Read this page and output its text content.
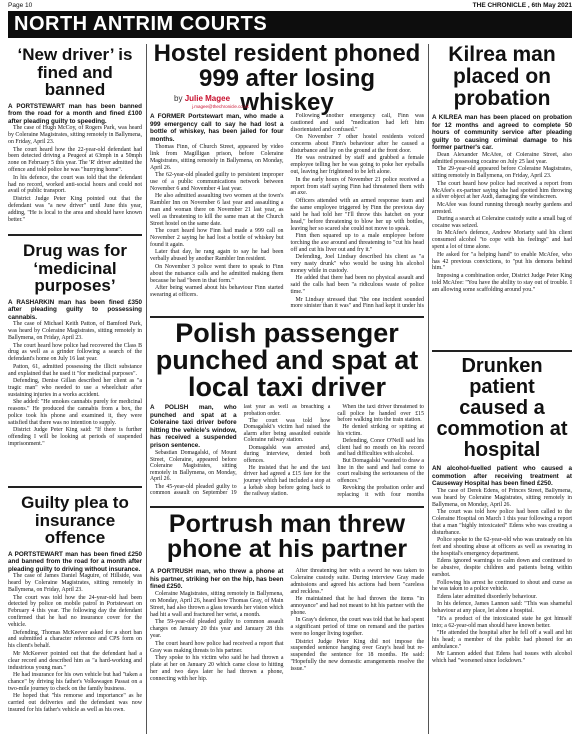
Page 10	THE CHRONICLE , 6th May 2021
NORTH ANTRIM COURTS
‘New driver’ is fined and banned
A PORTSTEWART man has been banned from the road for a month and fined £100 after pleading guilty to speeding.

The case of Hugh McCoy, of Rogers Park, was heard by Coleraine Magistrates, sitting remotely in Ballymena, on Friday, April 23.

The court heard how the 22-year-old defendant had been detected driving a Peugeot at 63mph in a 50mph zone on February 5 this year. The 'R' driver admitted the offence and told police he was "hurrying home".

In his defence, the court was told that the defendant had no record, worked anti-social hours and could not avail of public transport.

District Judge Peter King pointed out that the defendant was "a new driver" until June this year, adding, "He is local to the area and should have known better."

Drug was for ‘medicinal purposes’
A RASHARKIN man has been fined £350 after pleading guilty to possessing cannabis.

The case of Michael Keith Patton, of Bamford Park, was heard by Coleraine Magistrates, sitting remotely in Ballymena, on Friday, April 23.

The court heard how police had recovered the Class B drug as well as a grinder following a search of the defendant's home on July 16 last year.

Patton, 61, admitted possessing the illicit substance and explained that he used it "for medicinal purposes".

Defending, Denise Gillan described her client as "a tragic man" who needed to use a wheelchair after sustaining injuries in a works accident.

She added: "He smokes cannabis purely for medicinal reasons." He produced the cannabis from a box, the police took his phone and examined it, they were satisfied that there was no intention to supply.

District Judge Peter King said: "If there is further offending I will be looking at periods of suspended imprisonment."

Guilty plea to insurance offence
A PORTSTEWART man has been fined £250 and banned from the road for a month after pleading guilty to driving without insurance.

The case of James Daniel Maguire, of Hillside, was heard by Coleraine Magistrates, sitting remotely in Ballymena, on Friday, April 23.

The court was told how the 24-year-old had been detected by police on mobile patrol in Portstewart on February 4 this year. The following day the defendant confirmed that he had no insurance cover for the vehicle.

Defending, Thomas McKeever asked for a short ban and submitted a character reference and CPS form on his client's behalf.

Mr McKeever pointed out that the defendant had a clear record and described him as "a hard-working and industrious young man."

He had insurance for his own vehicle but had "taken a chance" by driving his father's Volkswagen Passat on a two-mile journey to check on the family business.

He hoped that "his remorse and importance" as he carried out deliveries and the defendant was now insured for his father's vehicle as well as his own.

Hostel resident phoned 999 after losing whiskey
by Julie Magee
j.magee@thechronicle.co.uk

A FORMER Portstewart man, who made a 999 emergency call to say he had lost a bottle of whiskey, has been jailed for four months.

Thomas Finn, of Church Street, appeared by video link from Magilligan prison, before Coleraine Magistrates, sitting remotely in Ballymena, on Monday, April 26.

The 62-year-old pleaded guilty to persistent improper use of a public communications network between November 6 and November 4 last year.

He also admitted assaulting two women at the town's Rambler Inn on November 6 last year and assaulting a man and woman there on November 21 last year, as well as threatening to kill the same man at the Church Street hostel on the same date.

The court heard how Finn had made a 999 call on November 2 saying he had lost a bottle of whiskey but found it again.

Later that day, he rang again to say he had been verbally abused by another Rambler Inn resident.

On November 3 police went there to speak to Finn about the nuisance calls and he admitted making them because he had "been in that form."

After being warned about his behaviour Finn started swearing at officers.

Following another emergency call, Finn was cautioned and said "medication had left him disorientated and confused."

On November 7 other hostel residents voiced concerns about Finn's behaviour after he caused a disturbance and lay on the ground at the front door.

He was restrained by staff and grabbed a female employee telling her he was going to poke her eyeballs out, leaving her frightened to be left alone.

In the early hours of November 21 police received a report from staff saying Finn had threatened them with an axe.

Officers attended with an armed response team and the same employee triggered by Finn the previous day said he had told her "I'll throw this hatchet on your head," before threatening to blow her up with bottles, leaving her so scared she could not move to speak.

Finn then squared up to a male employee before torching the axe around and threatening to "cut his head off and cut his liver out and fry it."

Defending, Joel Lindsay described his client as "a very nasty drunk" who would be using his alcohol money while in custody.

He added that there had been no physical assault and said the calls had been "a ridiculous waste of police time."

Mr Lindsay stressed that "the one incident sounded more sinister than it was" and Finn had kept it under his

Polish passenger punched and spat at local taxi driver

A POLISH man, who punched and spat at a Coleraine taxi driver before hitting the vehicle's window, has received a suspended prison sentence.

Sebastian Domagalski, of Mount Street, Coleraine, appeared before Coleraine Magistrates, sitting remotely in Ballymena, on Monday, April 26.

The 45-year-old pleaded guilty to common assault on September 19 last year as well as breaching a probation order.

The court was told how Domagalski's victim had raised the alarm after being assaulted outside Coleraine railway station.

Domagalski was arrested and, during interview, denied both offences.

He insisted that he and the taxi driver had agreed a £15 fare for the journey which had included a stop at a kebab shop before going back to the railway station.

When the taxi driver threatened to call police he handed over £15 before walking into the train station.

He denied striking or spitting at his victim.

Defending, Conor O'Neill said his client had no mouth on his record and had difficulties with alcohol.

But Domagalski "wanted to draw a line in the sand and had come to court realising the seriousness of the offences."

Revoking the probation order and replacing it with four months

Portrush man threw phone at his partner

A PORTRUSH man, who threw a phone at his partner, striking her on the hip, has been fined £250.

Coleraine Magistrates, sitting remotely in Ballymena, on Monday, April 26, heard how Thomas Gray, of Main Street, had also thrown a glass towards her vision which had hit a wall and fractured her wrist, a month.

The 59-year-old pleaded guilty to common assault charges on January 20 this year and January 28 this year.

The court heard how police had received a report that Gray was making threats to his partner.

They spoke to his victim who said he had thrown a plate at her on January 20 which came close to hitting her and two days later he had thrown a phone, connecting with her hip.

After threatening her with a sword he was taken to Coleraine custody suite. During interview Gray made admissions and agreed his actions had been "careless and reckless."

He maintained that he had thrown the items "in annoyance" and had not meant to hit his partner with the phone.

In Gray's defence, the court was told that he had spent a significant period of time on remand and the parties were no longer living together.

District Judge Peter King did not impose the suspended sentence hanging over Gray's head but re-suspended the sentence for 18 months. He said: "Hopefully the new domestic arrangements resolve the issue."

Kilrea man placed on probation
A KILREA man has been placed on probation for 12 months and agreed to complete 50 hours of community service after pleading guilty to causing criminal damage to his former partner's car.

Dean Alexander McAfee, of Coleraine Street, also admitted possessing cocaine on July 25 last year.

The 29-year-old appeared before Coleraine Magistrates, sitting remotely in Ballymena, on Friday, April 23.

The court heard how police had received a report from McAfee's ex-partner saying she had spotted him throwing a silver object at her Audi, damaging the windscreen.

McAfee was found running through nearby gardens and arrested.

During a search at Coleraine custody suite a small bag of cocaine was seized.

In McAfee's defence, Andrew Moriarty said his client consumed alcohol "to cope with his feelings" and had spent a lot of time alone.

He asked for "a helping hand" to enable McAfee, who has 42 previous convictions, to "put his demons behind him."

Imposing a combination order, District Judge Peter King told McAfee: "You have the ability to stay out of trouble. I am allowing some scaffolding around you."

Drunken patient caused a commotion at hospital
AN alcohol-fuelled patient who caused a commotion after receiving treatment at Causeway Hospital has been fined £250.

The case of Derek Edens, of Princes Street, Ballymena, was heard by Coleraine Magistrates, sitting remotely in Ballymena, on Monday, April 26.

The court was told how police had been called to the Coleraine Hospital on March 1 this year following a report that a man "highly intoxicated" Edens who was creating a disturbance.

Police spoke to the 62-year-old who was unsteady on his feet and shouting abuse at officers as well as swearing in the hospital's emergency department.

Edens ignored warnings to calm down and continued to be abusive, despite children and patients being within earshot.

Following his arrest he continued to shout and curse as he was taken to a police vehicle.

Edens later admitted disorderly behaviour.

In his defence, James Lannon said: "This was shameful behaviour at any place, let alone a hospital.

"It's a product of the intoxicated state he got himself into; a 62-year-old man should have known better.

"He attended the hospital after he fell off a wall and hit his head; a member of the public had phoned for an ambulance."

Mr Lannon added that Edens had issues with alcohol which had "worsened since lockdown."
